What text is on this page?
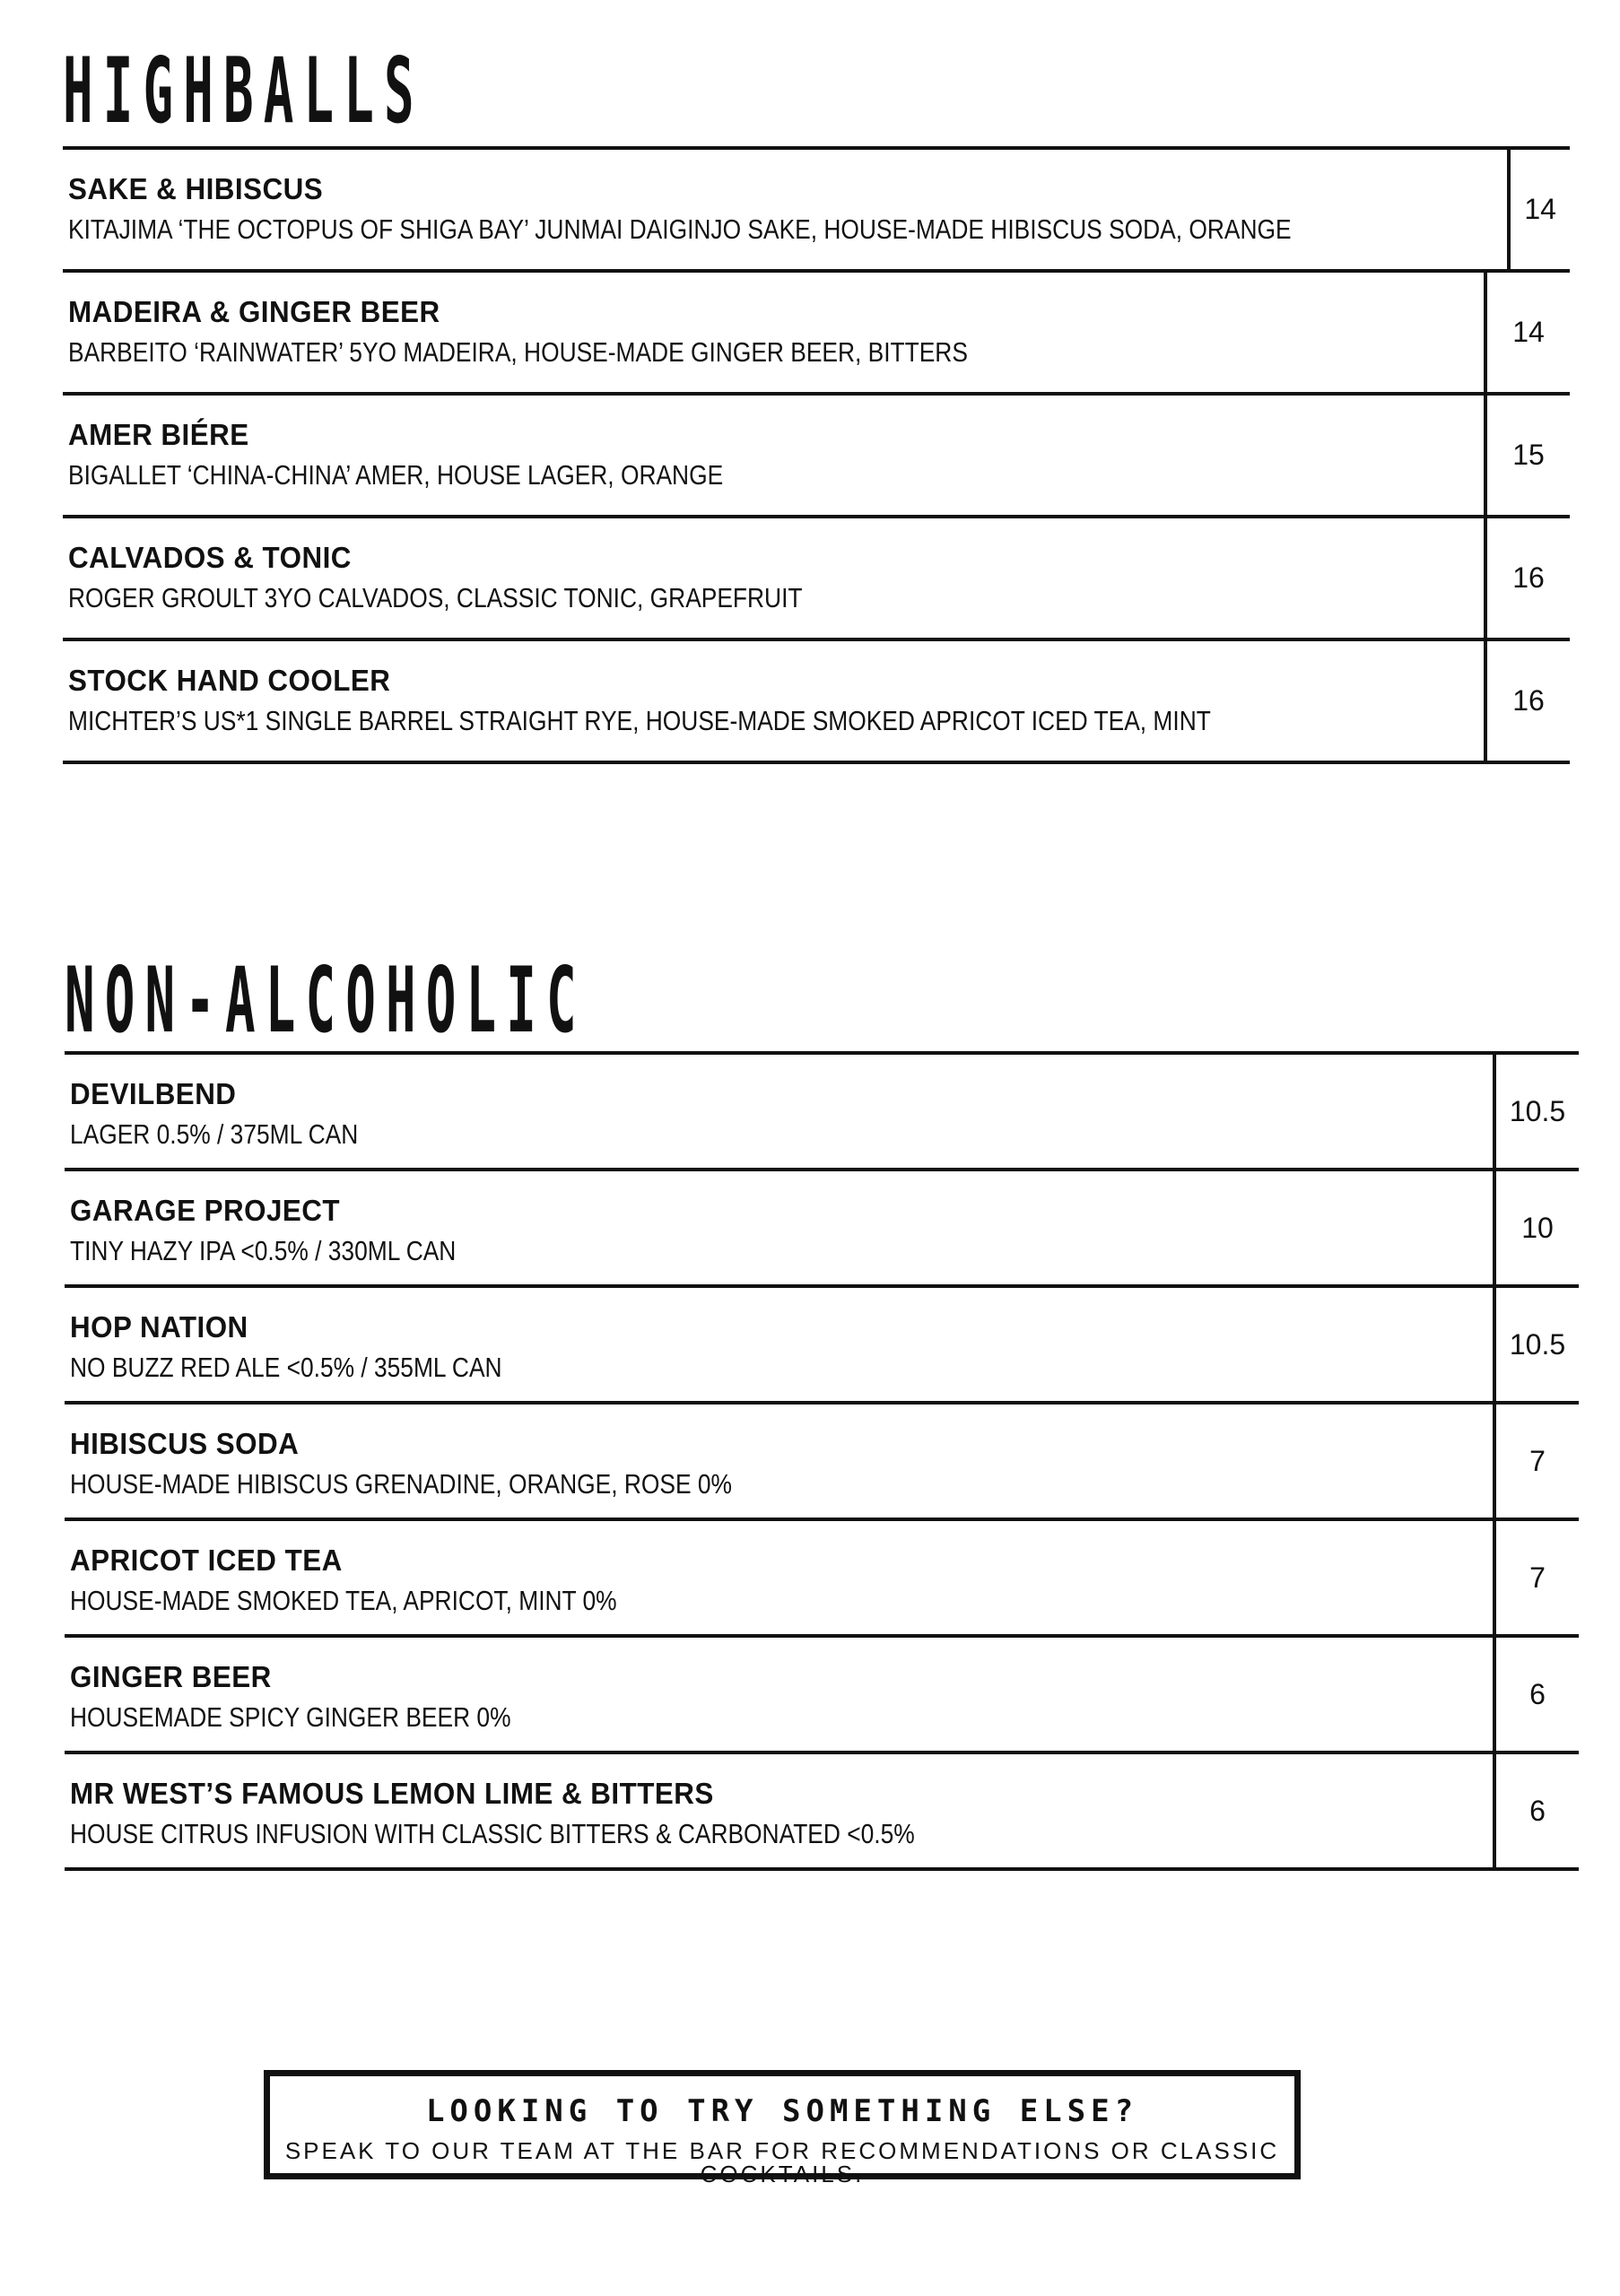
HIGHBALLS
SAKE & HIBISCUS
KITAJIMA ‘THE OCTOPUS OF SHIGA BAY’ JUNMAI DAIGINJO SAKE, HOUSE-MADE HIBISCUS SODA, ORANGE
14
MADEIRA & GINGER BEER
BARBEITO ‘RAINWATER’ 5YO MADEIRA, HOUSE-MADE GINGER BEER, BITTERS
14
AMER BIÉRE
BIGALLET ‘CHINA-CHINA’ AMER, HOUSE LAGER, ORANGE
15
CALVADOS & TONIC
ROGER GROULT 3YO CALVADOS, CLASSIC TONIC, GRAPEFRUIT
16
STOCK HAND COOLER
MICHTER’S US*1 SINGLE BARREL STRAIGHT RYE, HOUSE-MADE SMOKED APRICOT ICED TEA, MINT
16
NON-ALCOHOLIC
DEVILBEND
LAGER 0.5% / 375ML CAN
10.5
GARAGE PROJECT
TINY HAZY IPA <0.5% / 330ML CAN
10
HOP NATION
NO BUZZ RED ALE <0.5% / 355ML CAN
10.5
HIBISCUS SODA
HOUSE-MADE HIBISCUS GRENADINE, ORANGE, ROSE 0%
7
APRICOT ICED TEA
HOUSE-MADE SMOKED TEA, APRICOT, MINT 0%
7
GINGER BEER
HOUSEMADE SPICY GINGER BEER 0%
6
MR WEST’S FAMOUS LEMON LIME & BITTERS
HOUSE CITRUS INFUSION WITH CLASSIC BITTERS & CARBONATED <0.5%
6
LOOKING TO TRY SOMETHING ELSE?
SPEAK TO OUR TEAM AT THE BAR FOR RECOMMENDATIONS OR CLASSIC COCKTAILS.
